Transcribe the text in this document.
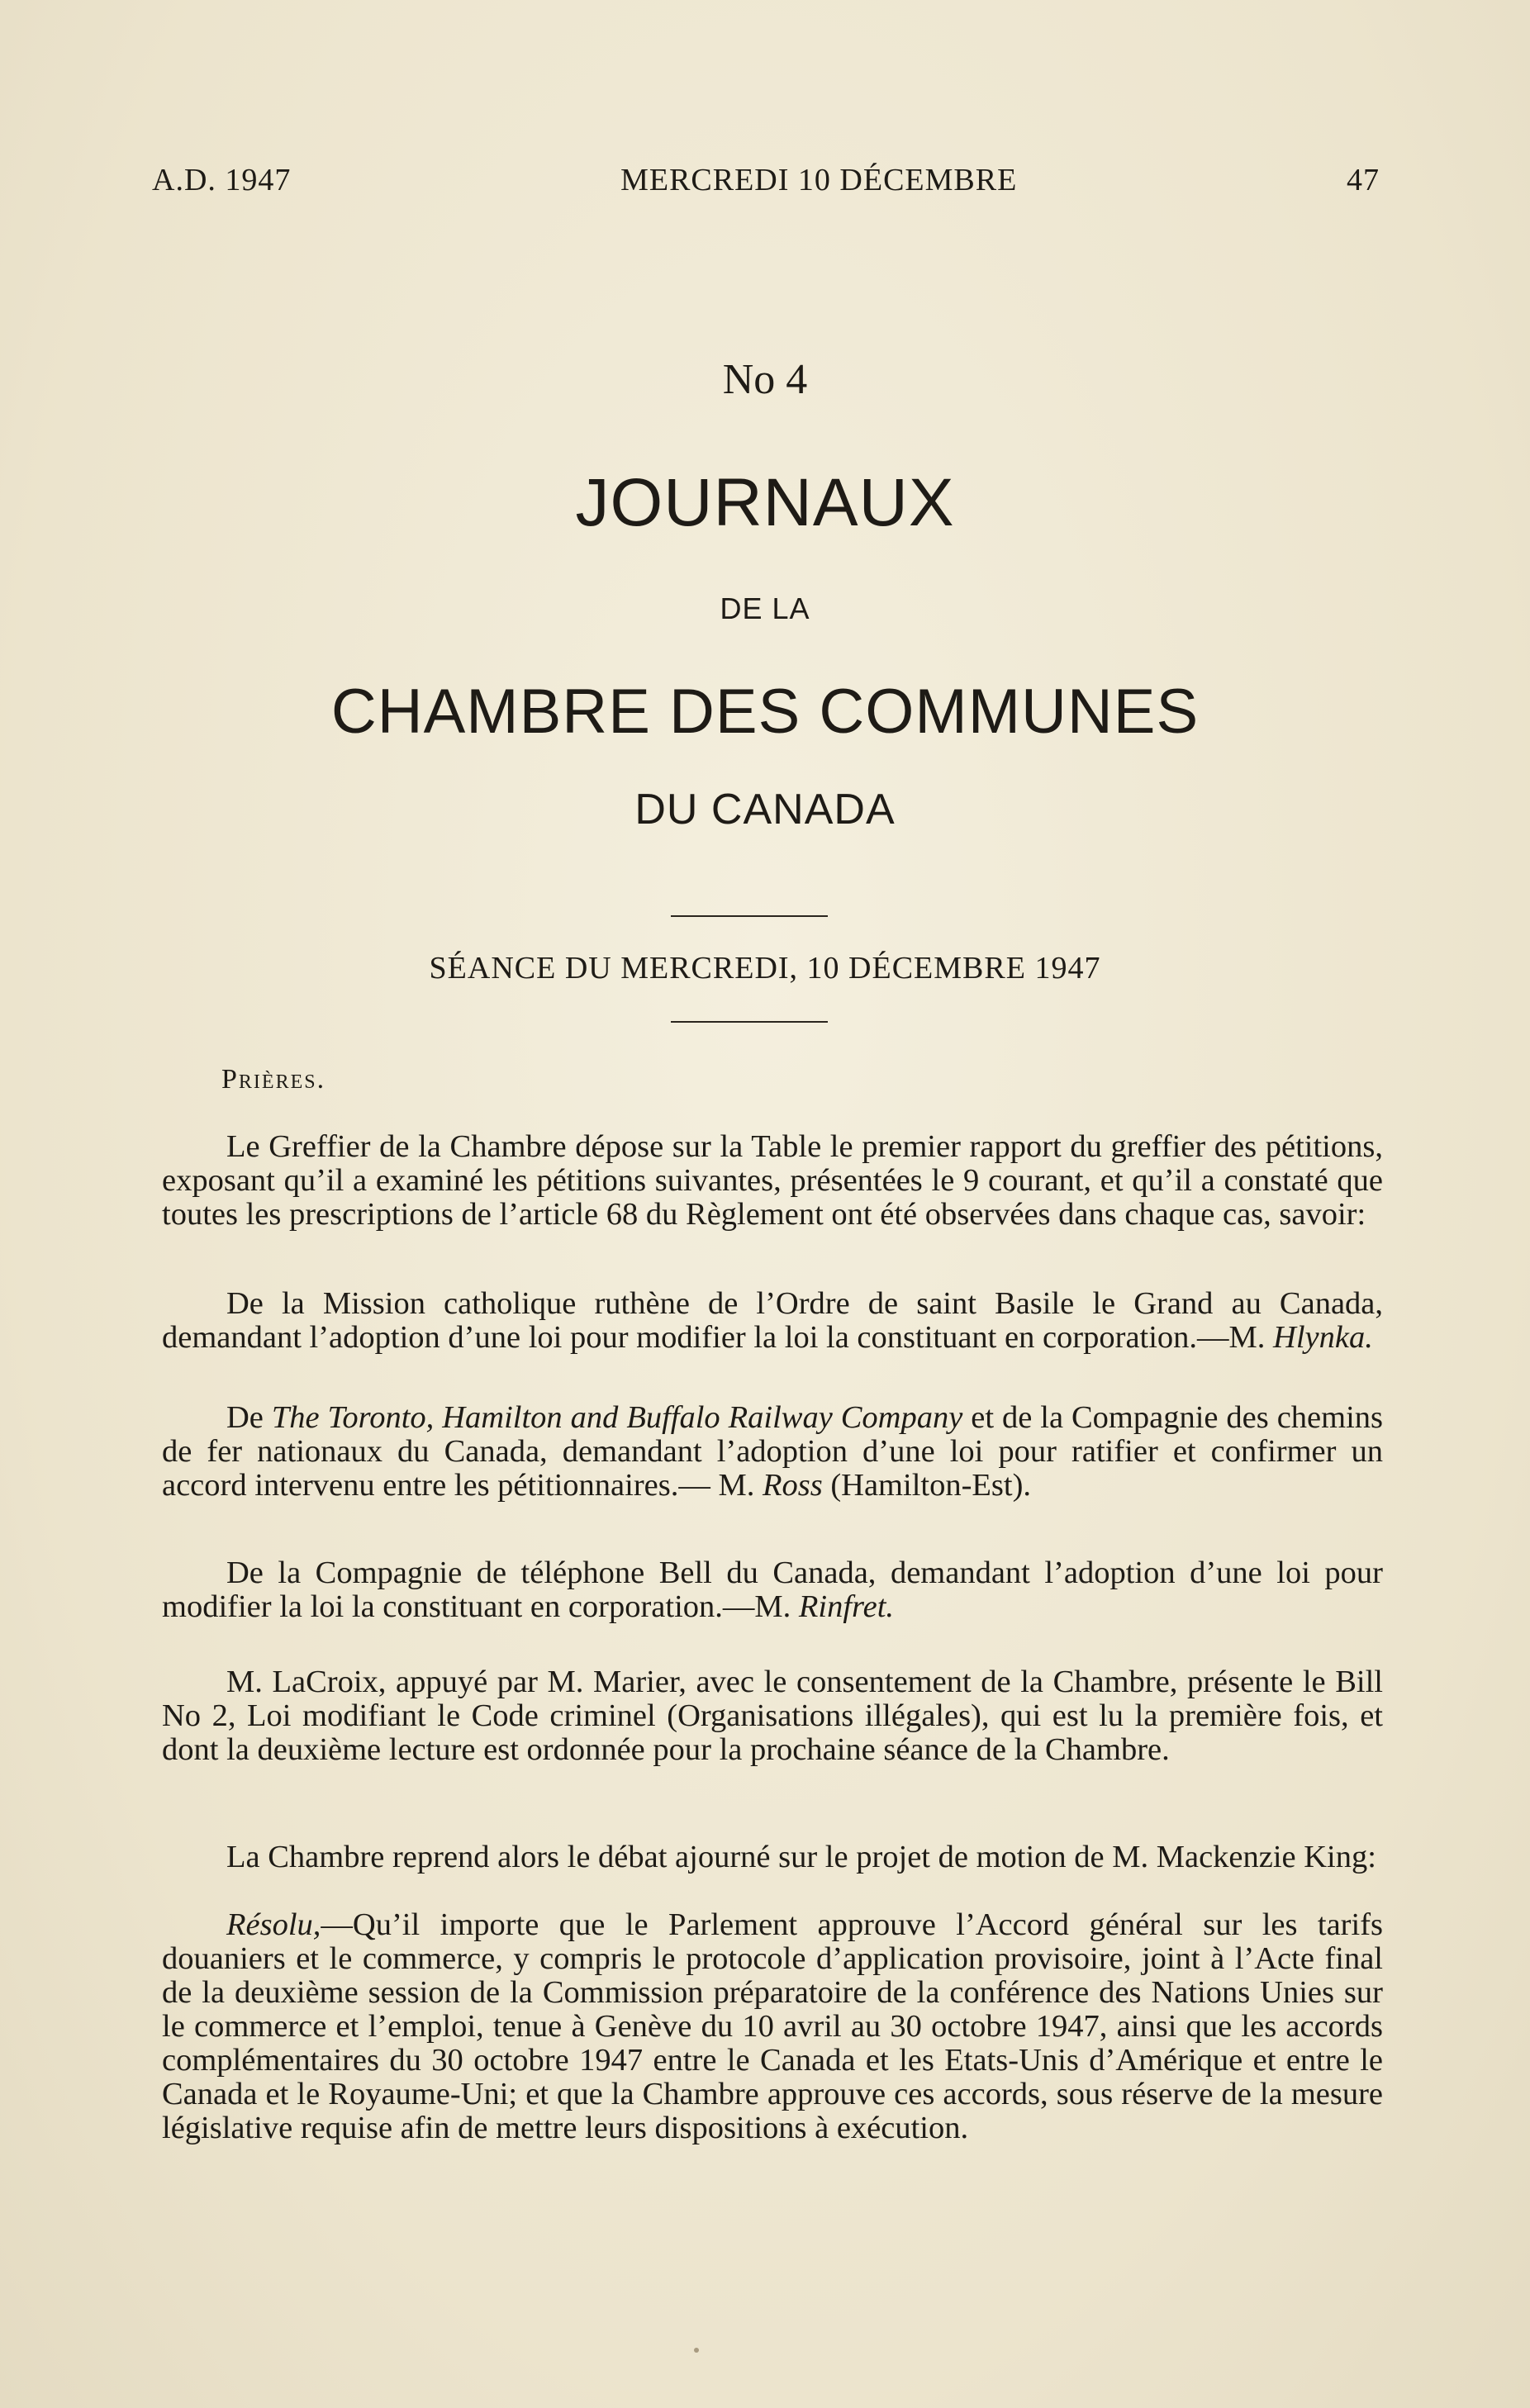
A.D. 1947	MERCREDI 10 DÉCEMBRE	47
No 4
JOURNAUX
DE LA
CHAMBRE DES COMMUNES
DU CANADA
SÉANCE DU MERCREDI, 10 DÉCEMBRE 1947
Prières.

Le Greffier de la Chambre dépose sur la Table le premier rapport du greffier des pétitions, exposant qu’il a examiné les pétitions suivantes, présentées le 9 courant, et qu’il a constaté que toutes les prescriptions de l’article 68 du Règlement ont été observées dans chaque cas, savoir:

De la Mission catholique ruthène de l’Ordre de saint Basile le Grand au Canada, demandant l’adoption d’une loi pour modifier la loi la constituant en corporation.—M. Hlynka.

De The Toronto, Hamilton and Buffalo Railway Company et de la Compagnie des chemins de fer nationaux du Canada, demandant l’adoption d’une loi pour ratifier et confirmer un accord intervenu entre les pétitionnaires.— M. Ross (Hamilton-Est).

De la Compagnie de téléphone Bell du Canada, demandant l’adoption d’une loi pour modifier la loi la constituant en corporation.—M. Rinfret.

M. LaCroix, appuyé par M. Marier, avec le consentement de la Chambre, présente le Bill No 2, Loi modifiant le Code criminel (Organisations illégales), qui est lu la première fois, et dont la deuxième lecture est ordonnée pour la prochaine séance de la Chambre.

La Chambre reprend alors le débat ajourné sur le projet de motion de M. Mackenzie King:

Résolu,—Qu’il importe que le Parlement approuve l’Accord général sur les tarifs douaniers et le commerce, y compris le protocole d’application provisoire, joint à l’Acte final de la deuxième session de la Commission préparatoire de la conférence des Nations Unies sur le commerce et l’emploi, tenue à Genève du 10 avril au 30 octobre 1947, ainsi que les accords complémentaires du 30 octobre 1947 entre le Canada et les Etats-Unis d’Amérique et entre le Canada et le Royaume-Uni; et que la Chambre approuve ces accords, sous réserve de la mesure législative requise afin de mettre leurs dispositions à exécution.
